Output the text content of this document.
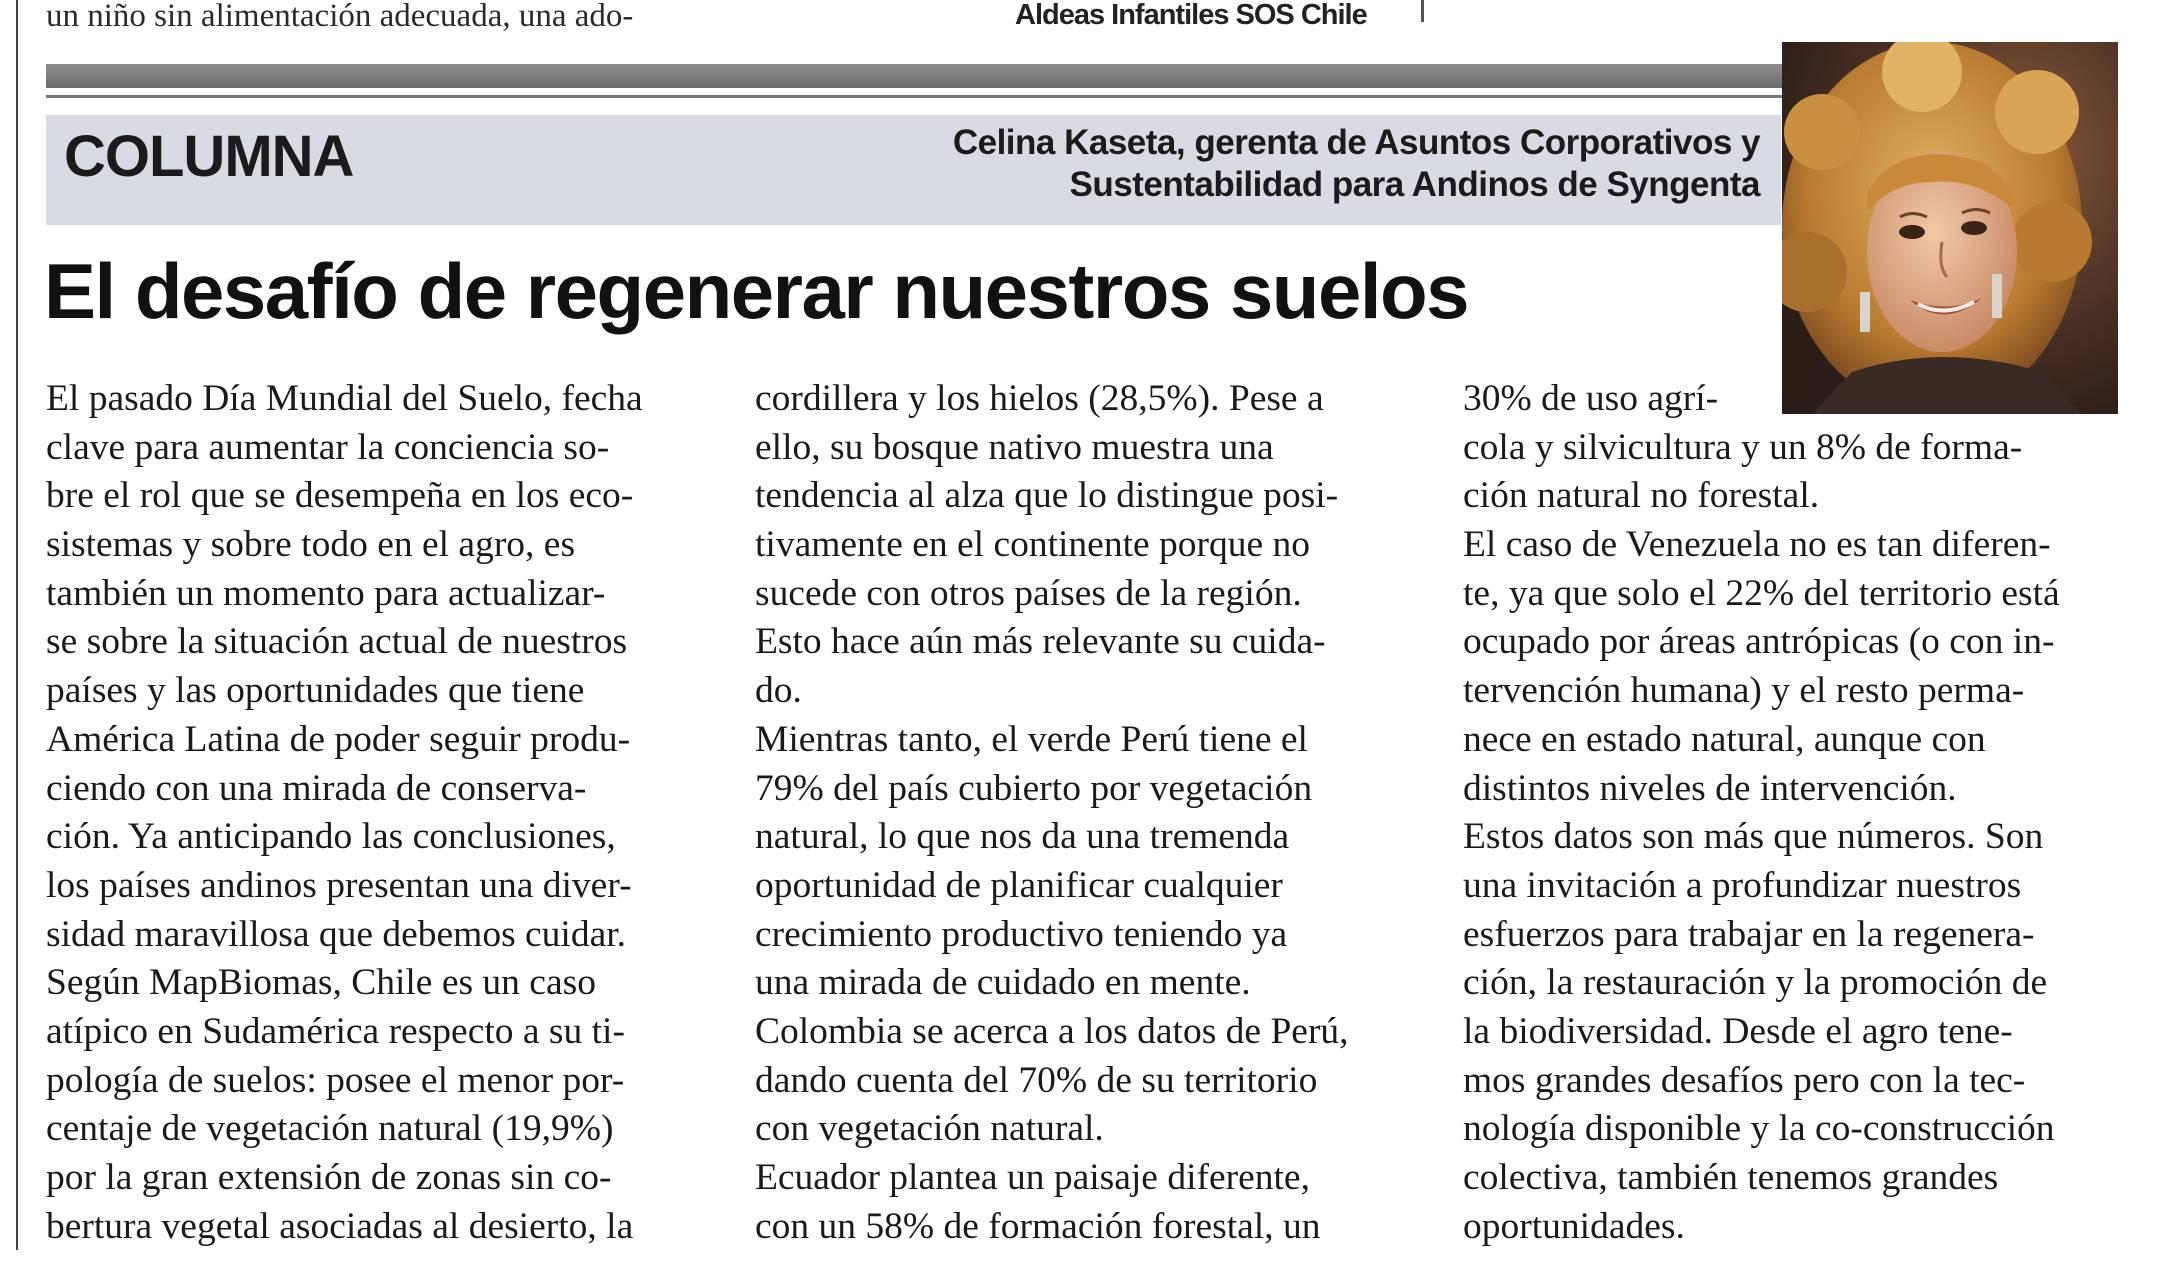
un niño sin alimentación adecuada, una ado-	Aldeas Infantiles SOS Chile
COLUMNA	Celina Kaseta, gerenta de Asuntos Corporativos y
Sustentabilidad para Andinos de Syngenta
El desafío de regenerar nuestros suelos
El pasado Día Mundial del Suelo, fecha
clave para aumentar la conciencia so-
bre el rol que se desempeña en los eco-
sistemas y sobre todo en el agro, es
también un momento para actualizar-
se sobre la situación actual de nuestros
países y las oportunidades que tiene
América Latina de poder seguir produ-
ciendo con una mirada de conserva-
ción. Ya anticipando las conclusiones,
los países andinos presentan una diver-
sidad maravillosa que debemos cuidar.
Según MapBiomas, Chile es un caso
atípico en Sudamérica respecto a su ti-
pología de suelos: posee el menor por-
centaje de vegetación natural (19,9%)
por la gran extensión de zonas sin co-
bertura vegetal asociadas al desierto, la
cordillera y los hielos (28,5%). Pese a
ello, su bosque nativo muestra una
tendencia al alza que lo distingue posi-
tivamente en el continente porque no
sucede con otros países de la región.
Esto hace aún más relevante su cuida-
do.
Mientras tanto, el verde Perú tiene el
79% del país cubierto por vegetación
natural, lo que nos da una tremenda
oportunidad de planificar cualquier
crecimiento productivo teniendo ya
una mirada de cuidado en mente.
Colombia se acerca a los datos de Perú,
dando cuenta del 70% de su territorio
con vegetación natural.
Ecuador plantea un paisaje diferente,
con un 58% de formación forestal, un
30% de uso agrí-
cola y silvicultura y un 8% de forma-
ción natural no forestal.
El caso de Venezuela no es tan diferen-
te, ya que solo el 22% del territorio está
ocupado por áreas antrópicas (o con in-
tervención humana) y el resto perma-
nece en estado natural, aunque con
distintos niveles de intervención.
Estos datos son más que números. Son
una invitación a profundizar nuestros
esfuerzos para trabajar en la regenera-
ción, la restauración y la promoción de
la biodiversidad. Desde el agro tene-
mos grandes desafíos pero con la tec-
nología disponible y la co-construcción
colectiva, también tenemos grandes
oportunidades.
